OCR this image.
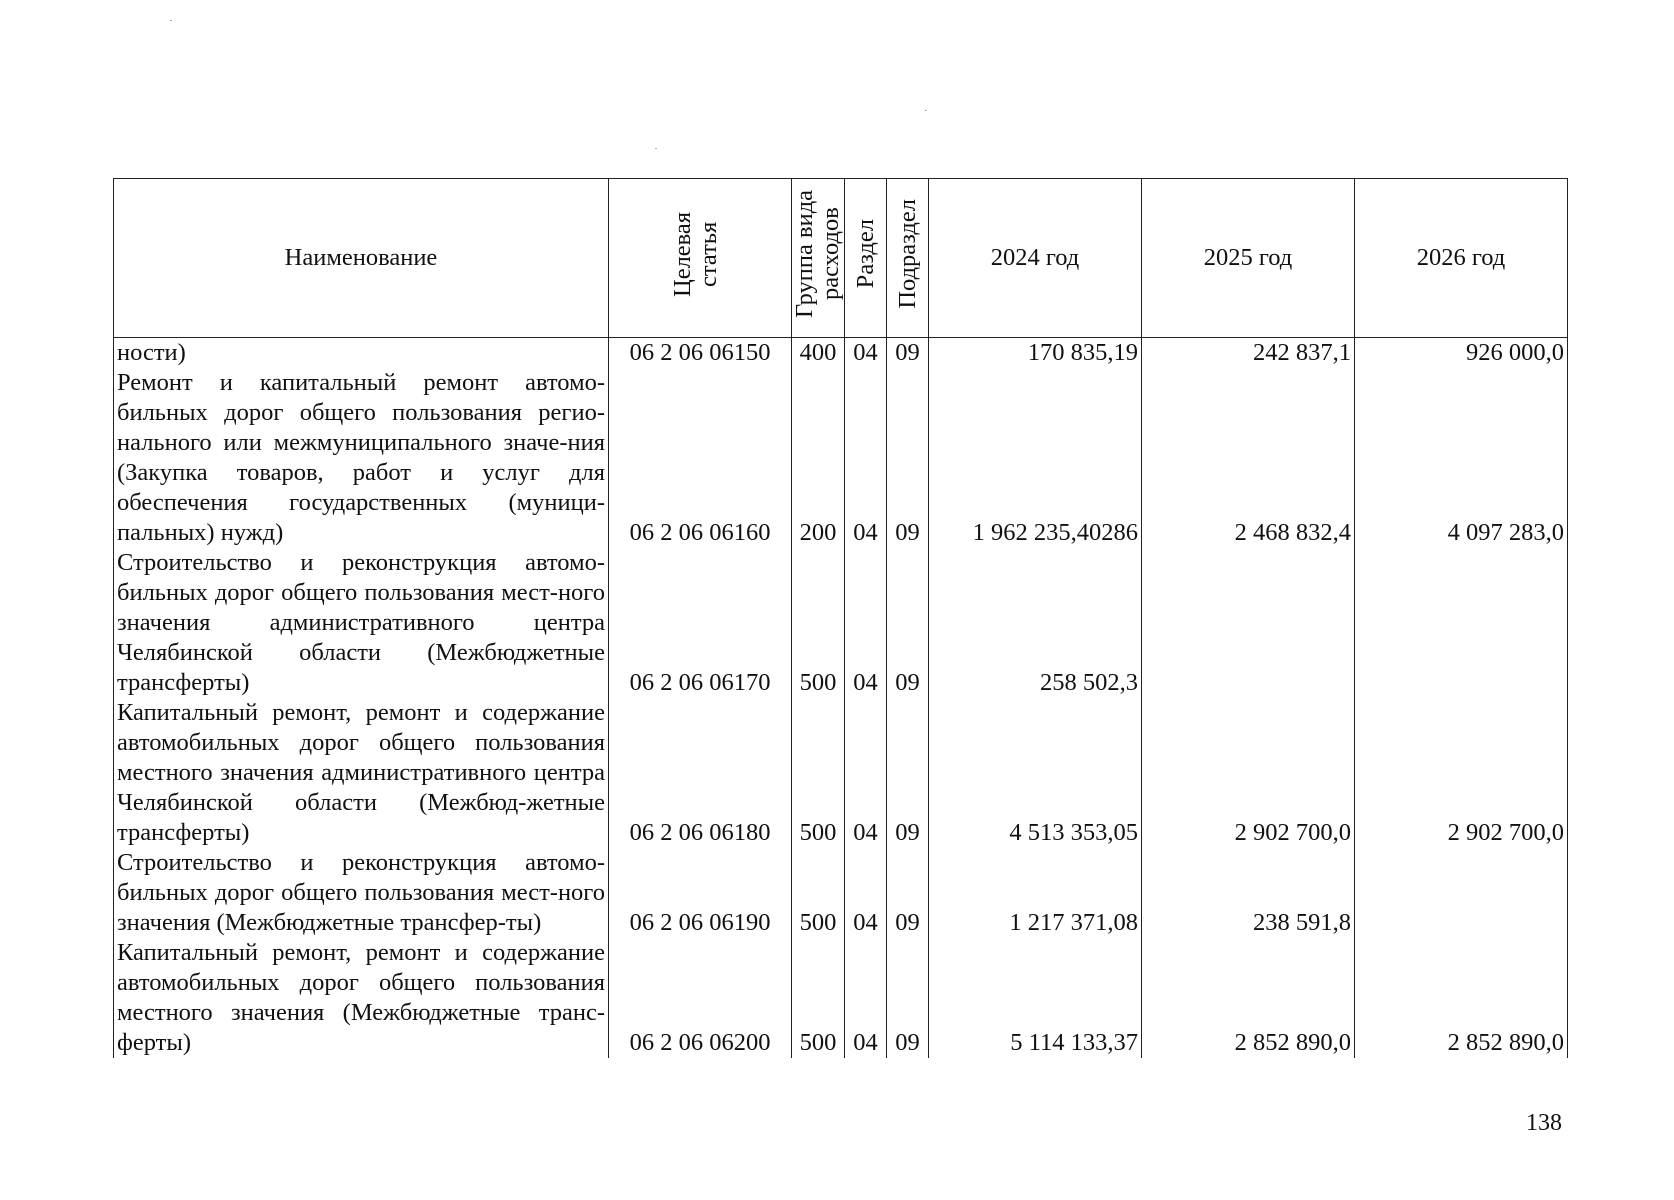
Наименование	Целевая статья	Группа вида расходов	Раздел	Подраздел	2024 год	2025 год	2026 год
ности)	06 2 06 06150	400	04	09	170 835,19	242 837,1	926 000,0
Ремонт и капитальный ремонт автомо-бильных дорог общего пользования регио-нального или межмуниципального значе-ния (Закупка товаров, работ и услуг для обеспечения государственных (муници-пальных) нужд)	06 2 06 06160	200	04	09	1 962 235,40286	2 468 832,4	4 097 283,0
Строительство и реконструкция автомо-бильных дорог общего пользования мест-ного значения административного центра Челябинской области (Межбюджетные трансферты)	06 2 06 06170	500	04	09	258 502,3		
Капитальный ремонт, ремонт и содержание автомобильных дорог общего пользования местного значения административного центра Челябинской области (Межбюд-жетные трансферты)	06 2 06 06180	500	04	09	4 513 353,05	2 902 700,0	2 902 700,0
Строительство и реконструкция автомо-бильных дорог общего пользования мест-ного значения (Межбюджетные трансфер-ты)	06 2 06 06190	500	04	09	1 217 371,08	238 591,8	
Капитальный ремонт, ремонт и содержание автомобильных дорог общего пользования местного значения (Межбюджетные транс-ферты)	06 2 06 06200	500	04	09	5 114 133,37	2 852 890,0	2 852 890,0
138
